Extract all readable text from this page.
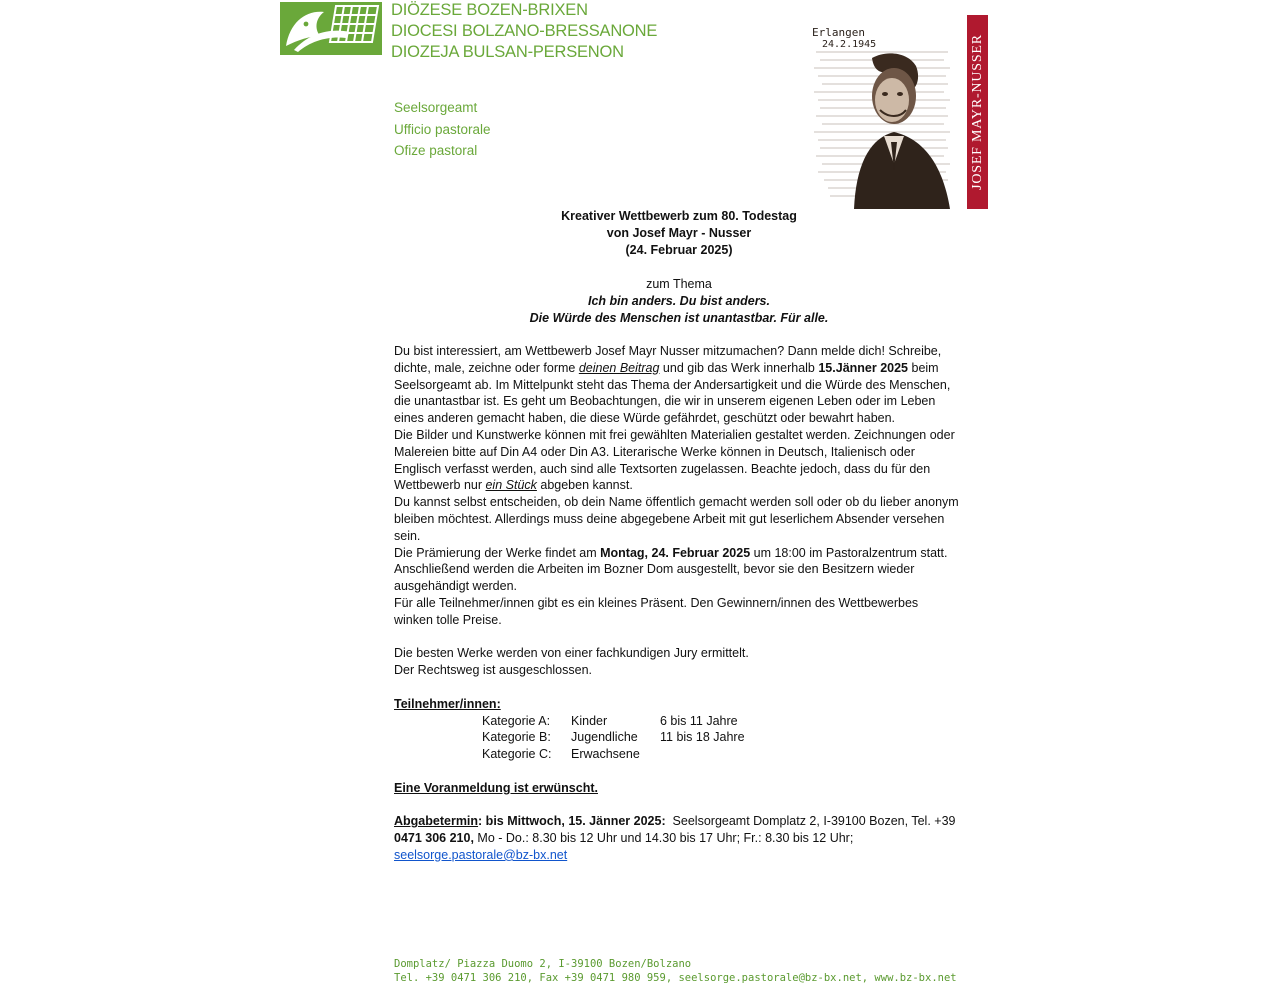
DIÖZESE BOZEN-BRIXEN
DIOCESI BOLZANO-BRESSANONE
DIOZEJA BULSAN-PERSENON
Seelsorgeamt
Ufficio pastorale
Ofize pastoral
Erlangen
24.2.1945	JOSEF MAYR-NUSSER
Kreativer Wettbewerb zum 80. Todestag
von Josef Mayr - Nusser
(24. Februar 2025)
zum Thema
Ich bin anders. Du bist anders.
Die Würde des Menschen ist unantastbar. Für alle.

Du bist interessiert, am Wettbewerb Josef Mayr Nusser mitzumachen? Dann melde dich! Schreibe, dichte, male, zeichne oder forme deinen Beitrag und gib das Werk innerhalb 15.Jänner 2025 beim Seelsorgeamt ab. Im Mittelpunkt steht das Thema der Andersartigkeit und die Würde des Menschen, die unantastbar ist. Es geht um Beobachtungen, die wir in unserem eigenen Leben oder im Leben eines anderen gemacht haben, die diese Würde gefährdet, geschützt oder bewahrt haben.

Die Bilder und Kunstwerke können mit frei gewählten Materialien gestaltet werden. Zeichnungen oder Malereien bitte auf Din A4 oder Din A3. Literarische Werke können in Deutsch, Italienisch oder Englisch verfasst werden, auch sind alle Textsorten zugelassen. Beachte jedoch, dass du für den Wettbewerb nur ein Stück abgeben kannst.

Du kannst selbst entscheiden, ob dein Name öffentlich gemacht werden soll oder ob du lieber anonym bleiben möchtest. Allerdings muss deine abgegebene Arbeit mit gut leserlichem Absender versehen sein.

Die Prämierung der Werke findet am Montag, 24. Februar 2025 um 18:00 im Pastoralzentrum statt. Anschließend werden die Arbeiten im Bozner Dom ausgestellt, bevor sie den Besitzern wieder ausgehändigt werden.

Für alle Teilnehmer/innen gibt es ein kleines Präsent. Den Gewinnern/innen des Wettbewerbes winken tolle Preise.

Die besten Werke werden von einer fachkundigen Jury ermittelt.

Der Rechtsweg ist ausgeschlossen.

Teilnehmer/innen:

Kategorie A:	Kinder	6 bis 11 Jahre
Kategorie B:	Jugendliche	11 bis 18 Jahre
Kategorie C:	Erwachsene

Eine Voranmeldung ist erwünscht.

Abgabetermin: bis Mittwoch, 15. Jänner 2025:  Seelsorgeamt Domplatz 2, I-39100 Bozen, Tel. +39 0471 306 210, Mo - Do.: 8.30 bis 12 Uhr und 14.30 bis 17 Uhr; Fr.: 8.30 bis 12 Uhr;
seelsorge.pastorale@bz-bx.net

Domplatz/ Piazza Duomo 2, I-39100 Bozen/Bolzano
Tel. +39 0471 306 210, Fax +39 0471 980 959, seelsorge.pastorale@bz-bx.net, www.bz-bx.net
